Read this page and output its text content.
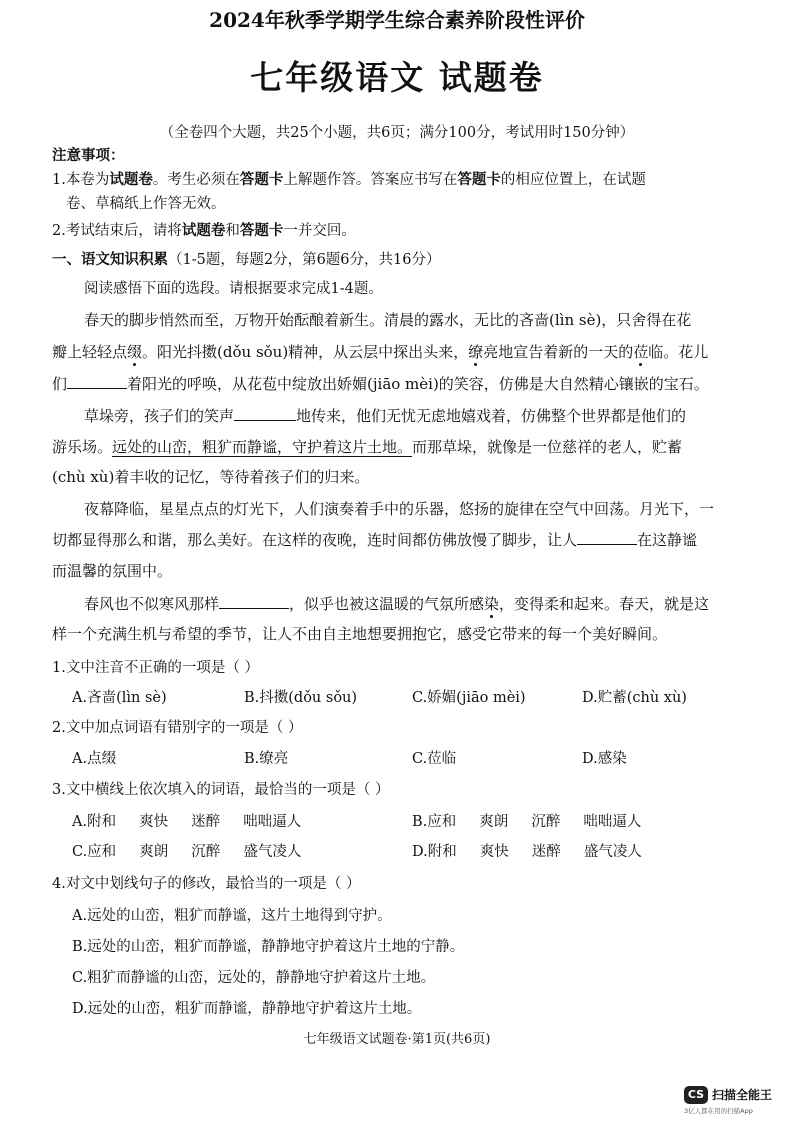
2024年秋季学期学生综合素养阶段性评价
七年级语文 试题卷
（全卷四个大题，共25个小题，共6页；满分100分，考试用时150分钟）
注意事项：
1.本卷为试题卷。考生必须在答题卡上解题作答。答案应书写在答题卡的相应位置上，在试题
卷、草稿纸上作答无效。
2.考试结束后，请将试题卷和答题卡一并交回。
一、语文知识积累（1-5题，每题2分，第6题6分，共16分）
阅读感悟下面的选段。请根据要求完成1-4题。
春天的脚步悄然而至，万物开始酝酿着新生。清晨的露水，无比的吝啬(lìn sè)，只舍得在花
瓣上轻轻点缀。阳光抖擞(dǒu sǒu)精神，从云层中探出头来，缭亮地宣告着新的一天的莅临。花儿
们	着阳光的呼唤，从花苞中绽放出娇媚(jiāo mèi)的笑容，仿佛是大自然精心镶嵌的宝石。
草垛旁，孩子们的笑声	地传来，他们无忧无虑地嬉戏着，仿佛整个世界都是他们的
游乐场。远处的山峦，粗犷而静谧，守护着这片土地。而那草垛，就像是一位慈祥的老人，贮蓄
(chù xù)着丰收的记忆，等待着孩子们的归来。
夜幕降临，星星点点的灯光下，人们演奏着手中的乐器，悠扬的旋律在空气中回荡。月光下，一
切都显得那么和谐，那么美好。在这样的夜晚，连时间都仿佛放慢了脚步，让人	在这静谧
而温馨的氛围中。
春风也不似寒风那样	，似乎也被这温暖的气氛所感染，变得柔和起来。春天，就是这
样一个充满生机与希望的季节，让人不由自主地想要拥抱它，感受它带来的每一个美好瞬间。
1.文中注音不正确的一项是（ ）
A.吝啬(lìn sè)	B.抖擞(dǒu sǒu)	C.娇媚(jiāo mèi)	D.贮蓄(chù xù)
2.文中加点词语有错别字的一项是（ ）
A.点缀	B.缭亮	C.莅临	D.感染
3.文中横线上依次填入的词语，最恰当的一项是（ ）
A.附和     爽快     迷醉     咄咄逼人	B.应和     爽朗     沉醉     咄咄逼人
C.应和     爽朗     沉醉     盛气凌人	D.附和     爽快     迷醉     盛气凌人
4.对文中划线句子的修改，最恰当的一项是（ ）
A.远处的山峦，粗犷而静谧，这片土地得到守护。
B.远处的山峦，粗犷而静谧，静静地守护着这片土地的宁静。
C.粗犷而静谧的山峦，远处的，静静地守护着这片土地。
D.远处的山峦，粗犷而静谧，静静地守护着这片土地。
七年级语文试题卷·第1页(共6页)
CS 扫描全能王
3亿人都在用的扫描App
